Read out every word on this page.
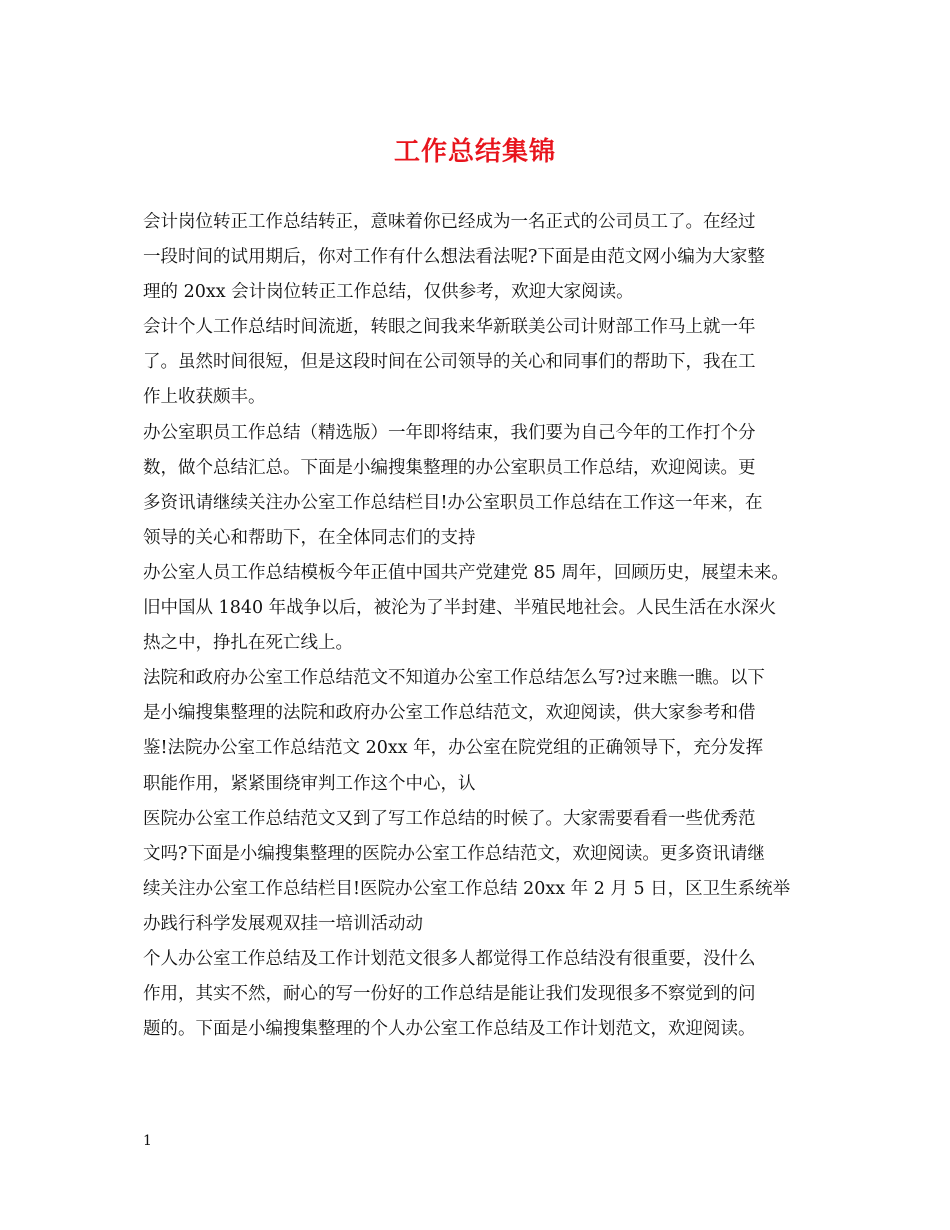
工作总结集锦
会计岗位转正工作总结转正，意味着你已经成为一名正式的公司员工了。在经过
一段时间的试用期后，你对工作有什么想法看法呢?下面是由范文网小编为大家整
理的 20xx 会计岗位转正工作总结，仅供参考，欢迎大家阅读。
会计个人工作总结时间流逝，转眼之间我来华新联美公司计财部工作马上就一年
了。虽然时间很短，但是这段时间在公司领导的关心和同事们的帮助下，我在工
作上收获颇丰。
办公室职员工作总结（精选版）一年即将结束，我们要为自己今年的工作打个分
数，做个总结汇总。下面是小编搜集整理的办公室职员工作总结，欢迎阅读。更
多资讯请继续关注办公室工作总结栏目!办公室职员工作总结在工作这一年来，在
领导的关心和帮助下，在全体同志们的支持
办公室人员工作总结模板今年正值中国共产党建党 85 周年，回顾历史，展望未来。
旧中国从 1840 年战争以后，被沦为了半封建、半殖民地社会。人民生活在水深火
热之中，挣扎在死亡线上。
法院和政府办公室工作总结范文不知道办公室工作总结怎么写?过来瞧一瞧。以下
是小编搜集整理的法院和政府办公室工作总结范文，欢迎阅读，供大家参考和借
鉴!法院办公室工作总结范文 20xx 年，办公室在院党组的正确领导下，充分发挥
职能作用，紧紧围绕审判工作这个中心，认
医院办公室工作总结范文又到了写工作总结的时候了。大家需要看看一些优秀范
文吗?下面是小编搜集整理的医院办公室工作总结范文，欢迎阅读。更多资讯请继
续关注办公室工作总结栏目!医院办公室工作总结 20xx 年 2 月 5 日，区卫生系统举
办践行科学发展观双挂一培训活动动
个人办公室工作总结及工作计划范文很多人都觉得工作总结没有很重要，没什么
作用，其实不然，耐心的写一份好的工作总结是能让我们发现很多不察觉到的问
题的。下面是小编搜集整理的个人办公室工作总结及工作计划范文，欢迎阅读。
1
